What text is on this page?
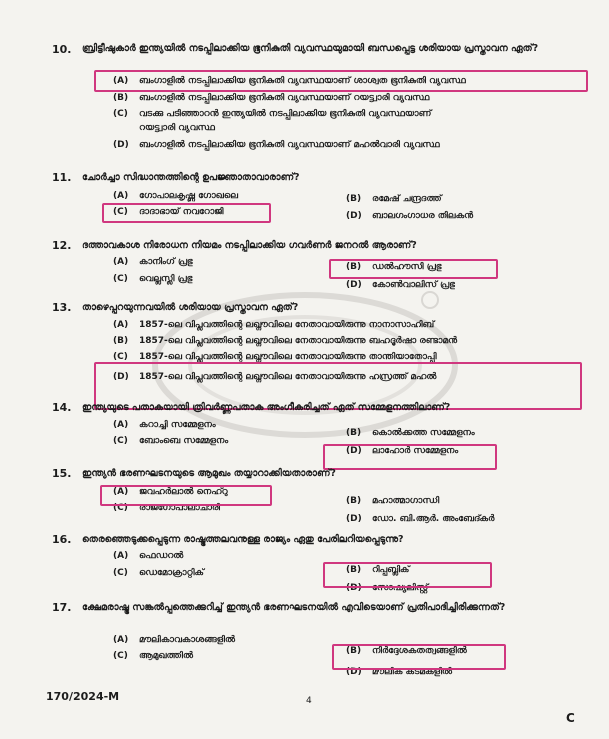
10. ബ്രിട്ടീഷുകാർ ഇന്ത്യയിൽ നടപ്പിലാക്കിയ ഭൂനികുതി വ്യവസ്ഥയുമായി ബന്ധപ്പെട്ട ശരിയായ പ്രസ്താവന ഏത്?
(A) ബംഗാളിൽ നടപ്പിലാക്കിയ ഭൂനികുതി വ്യവസ്ഥയാണ് ശാശ്വത ഭൂനികുതി വ്യവസ്ഥ
(B) ബംഗാളിൽ നടപ്പിലാക്കിയ ഭൂനികുതി വ്യവസ്ഥയാണ് റയട്ട്വാരി വ്യവസ്ഥ
(C) വടക്കു പടിഞ്ഞാറൻ ഇന്ത്യയിൽ നടപ്പിലാക്കിയ ഭൂനികുതി വ്യവസ്ഥയാണ്
റയട്ട്വാരി വ്യവസ്ഥ
(D) ബംഗാളിൽ നടപ്പിലാക്കിയ ഭൂനികുതി വ്യവസ്ഥയാണ് മഹൽവാരി വ്യവസ്ഥ
11. ചോർച്ചാ സിദ്ധാന്തത്തിന്റെ ഉപജ്ഞാതാവാരാണ്?
(A) ഗോപാലകൃഷ്ണ ഗോഖലെ	(B) രമേഷ് ചന്ദ്രദത്ത്
(C) ദാദാഭായ് നവറോജി	(D) ബാലഗംഗാധര തിലകൻ
12. ദത്താവകാശ നിരോധന നിയമം നടപ്പിലാക്കിയ ഗവർണർ ജനറൽ ആരാണ്?
(A) കാനിംഗ് പ്രഭു	(B) ഡൽഹൗസി പ്രഭു
(C) വെല്ലസ്ലി പ്രഭു
(D) കോൺവാലിസ് പ്രഭു
13. താഴെപ്പറയുന്നവയിൽ ശരിയായ പ്രസ്താവന ഏത്?
(A) 1857-ലെ വിപ്ലവത്തിന്റെ ലഖ്നൗവിലെ നേതാവായിരുന്നു നാനാസാഹിബ്
(B) 1857-ലെ വിപ്ലവത്തിന്റെ ലഖ്നൗവിലെ നേതാവായിരുന്നു ബഹദൂർഷാ രണ്ടാമൻ
(C) 1857-ലെ വിപ്ലവത്തിന്റെ ലഖ്നൗവിലെ നേതാവായിരുന്നു താന്തിയാതോപ്പി
(D) 1857-ലെ വിപ്ലവത്തിന്റെ ലഖ്നൗവിലെ നേതാവായിരുന്നു ഹസ്രത്ത് മഹൽ
14. ഇന്ത്യയുടെ പതാകയായി ത്രിവർണ്ണപതാക അംഗീകരിച്ചത് ഏത് സമ്മേളനത്തിലാണ്?
(A) കറാച്ചി സമ്മേളനം
(B) കൊൽക്കത്ത സമ്മേളനം
(C) ബോംബെ സമ്മേളനം
(D) ലാഹോർ സമ്മേളനം
15. ഇന്ത്യൻ ഭരണഘടനയുടെ ആമുഖം തയ്യാറാക്കിയതാരാണ്?
(A) ജവഹർലാൽ നെഹ്റു
(B) മഹാത്മാഗാന്ധി
(C) രാജഗോപാലാചാരി
(D) ഡോ. ബി.ആർ. അംബേദ്കർ
16. തെരഞ്ഞെടുക്കപ്പെടുന്ന രാഷ്ട്രത്തലവനുള്ള രാജ്യം ഏതു പേരിലറിയപ്പെടുന്നു?
(A) ഫെഡറൽ
(B) റിപ്പബ്ലിക്
(C) ഡെമോക്രാറ്റിക്
(D) സോഷ്യലിസ്റ്റ്
17. ക്ഷേമരാഷ്ട്ര സങ്കൽപ്പത്തെക്കുറിച്ച് ഇന്ത്യൻ ഭരണഘടനയിൽ എവിടെയാണ് പ്രതിപാദിച്ചിരിക്കുന്നത്?
(A) മൗലികാവകാശങ്ങളിൽ
(B) നിർദ്ദേശകതത്വങ്ങളിൽ
(C) ആമുഖത്തിൽ
(D) മൗലിക കടമകളിൽ
170/2024-M	4
C
